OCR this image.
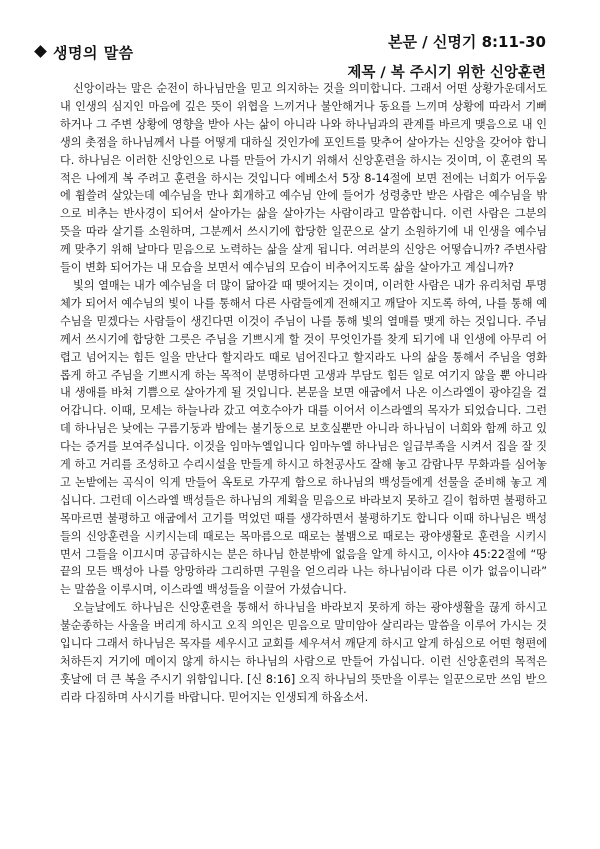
생명의 말씀
본문 / 신명기 8:11-30
제목 / 복 주시기 위한 신앙훈련

신앙이라는 말은 순전이 하나님만을 믿고 의지하는 것을 의미합니다. 그래서 어떤 상황가운데서도 내 인생의 심지인 마음에 깊은 뜻이 위협을 느끼거나 불안해거나 동요를 느끼며 상황에 따라서 기뻐하거나 그 주변 상황에 영향을 받아 사는 삶이 아니라 나와 하나님과의 관계를 바르게 맺음으로 내 인생의 촛점을 하나님께서 나를 어떻게 대하실 것인가에 포인트를 맞추어 살아가는 신앙을 갖어야 합니다. 하나님은 이러한 신앙인으로 나를 만들어 가시기 위해서 신앙훈련을 하시는 것이며, 이 훈련의 목적은 나에게 복 주려고 훈련을 하시는 것입니다 에베소서 5장 8-14절에 보면 전에는 너희가 어두움에 휩쓸려 살았는데 예수님을 만나 회개하고 예수님 안에 들어가 성령충만 받은 사람은 예수님을 밖으로 비추는 반사경이 되어서 살아가는 삶을 살아가는 사람이라고 말씀합니다. 이런 사람은 그분의 뜻을 따라 살기를 소원하며, 그분께서 쓰시기에 합당한 일꾼으로 살기 소원하기에 내 인생을 예수님께 맞추기 위해 날마다 믿음으로 노력하는 삶을 살게 됩니다. 여러분의 신앙은 어떻습니까? 주변사람들이 변화 되어가는 내 모습을 보면서 예수님의 모습이 비추어지도록 삶을 살아가고 계십니까?

빛의 열매는 내가 예수님을 더 많이 닮아갈 때 맺어지는 것이며, 이러한 사람은 내가 유리처럼 투명체가 되어서 예수님의 빛이 나를 통해서 다른 사람들에게 전해지고 깨달아 지도록 하여, 나를 통해 예수님을 믿겠다는 사람들이 생긴다면 이것이 주님이 나를 통해 빛의 열매를 맺게 하는 것입니다. 주님께서 쓰시기에 합당한 그릇은 주님을 기쁘시게 할 것이 무엇인가를 찾게 되기에 내 인생에 아무리 어렵고 넘어지는 힘든 일을 만난다 할지라도 때로 넘어진다고 할지라도 나의 삶을 통해서 주님을 영화롭게 하고 주님을 기쁘시게 하는 목적이 분명하다면 고생과 부담도 힘든 일로 여기지 않을 뿐 아니라 내 생애를 바쳐 기쁨으로 살아가게 될 것입니다. 본문을 보면 애굽에서 나온 이스라엘이 광야길을 걸어갑니다. 이때, 모세는 하늘나라 갔고 여호수아가 대를 이어서 이스라엘의 목자가 되었습니다. 그런데 하나님은 낮에는 구름기둥과 밤에는 불기둥으로 보호실뿐만 아니라 하나님이 너희와 함께 하고 있다는 증거를 보여주십니다. 이것을 임마누엘입니다 임마누엘 하나님은 일급부족을 시켜서 집을 잘 짓게 하고 거리를 조성하고 수리시설을 만들게 하시고 하천공사도 잘해 놓고 감람나무 무화과를 심어놓고 논밭에는 곡식이 익게 만들어 옥토로 가꾸게 함으로 하나님의 백성들에게 선물을 준비해 놓고 계십니다. 그런데 이스라엘 백성들은 하나님의 계획을 믿음으로 바라보지 못하고 길이 험하면 불평하고 목마르면 불평하고 애굽에서 고기를 먹었던 때를 생각하면서 불평하기도 합니다 이때 하나님은 백성들의 신앙훈련을 시키시는데 때로는 목마름으로 때로는 불뱀으로 때로는 광야생활로 훈련을 시키시면서 그들을 이끄시며 공급하시는 분은 하나님 한분밖에 없음을 알게 하시고, 이사야 45:22절에 “땅 끝의 모든 백성아 나를 앙망하라 그리하면 구원을 얻으리라 나는 하나님이라 다른 이가 없음이니라” 는 말씀을 이루시며, 이스라엘 백성들을 이끌어 가셨습니다.

오늘날에도 하나님은 신앙훈련을 통해서 하나님을 바라보지 못하게 하는 광야생활을 끊게 하시고 불순종하는 사울을 버리게 하시고 오직 의인은 믿음으로 말미암아 살리라는 말씀을 이루어 가시는 것입니다 그래서 하나님은 목자를 세우시고 교회를 세우셔서 깨닫게 하시고 알게 하심으로 어떤 형편에 처하든지 거기에 메이지 않게 하시는 하나님의 사람으로 만들어 가십니다. 이런 신앙훈련의 목적은 훗날에 더 큰 복을 주시기 위함입니다. [신 8:16] 오직 하나님의 뜻만을 이루는 일꾼으로만 쓰임 받으리라 다짐하며 사시기를 바랍니다. 믿어지는 인생되게 하옵소서.
